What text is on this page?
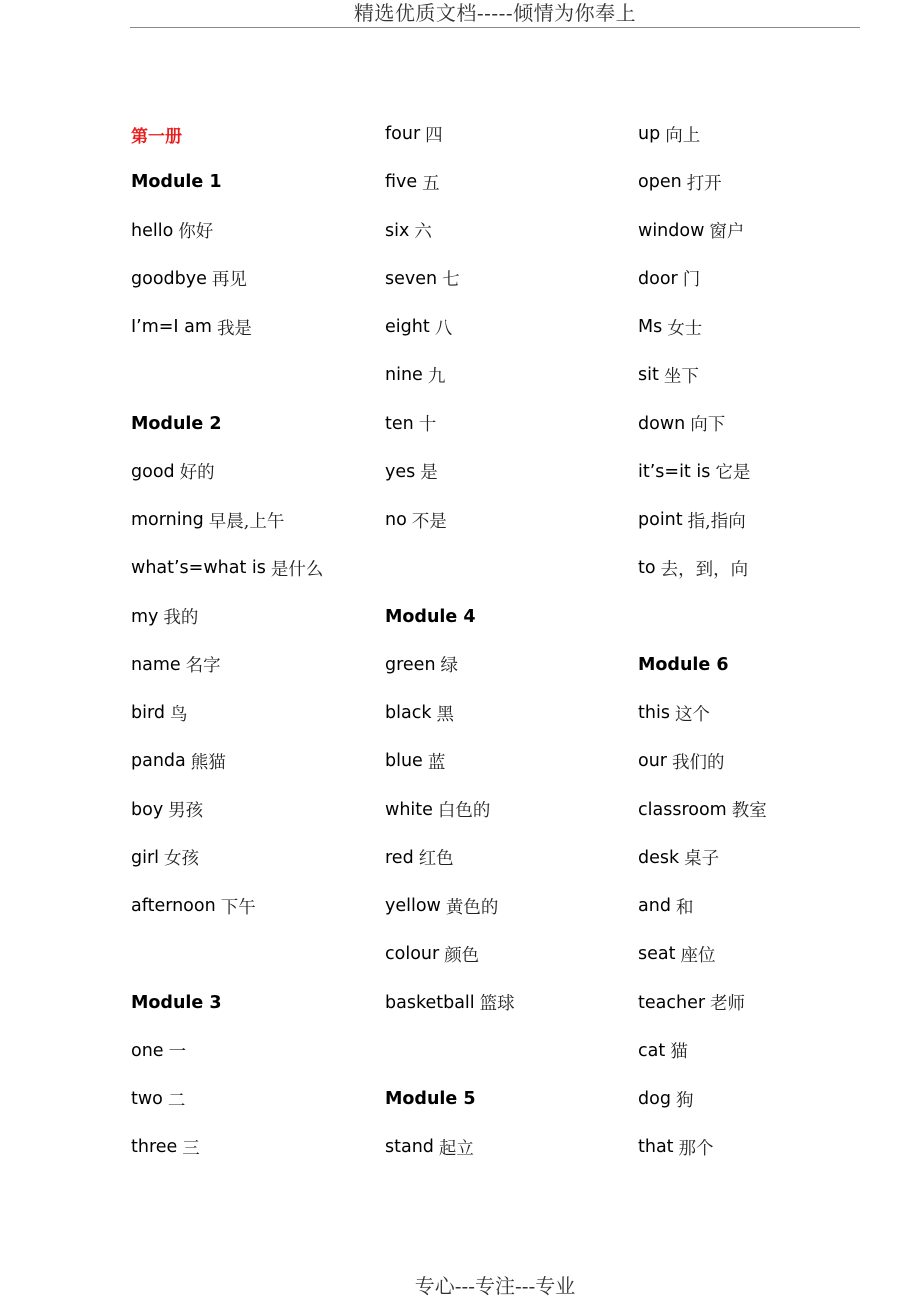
精选优质文档-----倾情为你奉上
第一册
Module 1
hello 你好
goodbye 再见
I’m=I am 我是
Module 2
good 好的
morning 早晨,上午
what’s=what is 是什么
my 我的
name 名字
bird 鸟
panda 熊猫
boy 男孩
girl 女孩
afternoon 下午
Module 3
one 一
two 二
three 三
four 四
five 五
six 六
seven 七
eight 八
nine 九
ten 十
yes 是
no 不是
Module 4
green 绿
black 黑
blue 蓝
white 白色的
red 红色
yellow 黄色的
colour 颜色
basketball 篮球
Module 5
stand 起立
up 向上
open 打开
window 窗户
door 门
Ms 女士
sit 坐下
down 向下
it’s=it is 它是
point 指,指向
to 去，到，向
Module 6
this 这个
our 我们的
classroom 教室
desk 桌子
and 和
seat 座位
teacher 老师
cat 猫
dog 狗
that 那个
专心---专注---专业
